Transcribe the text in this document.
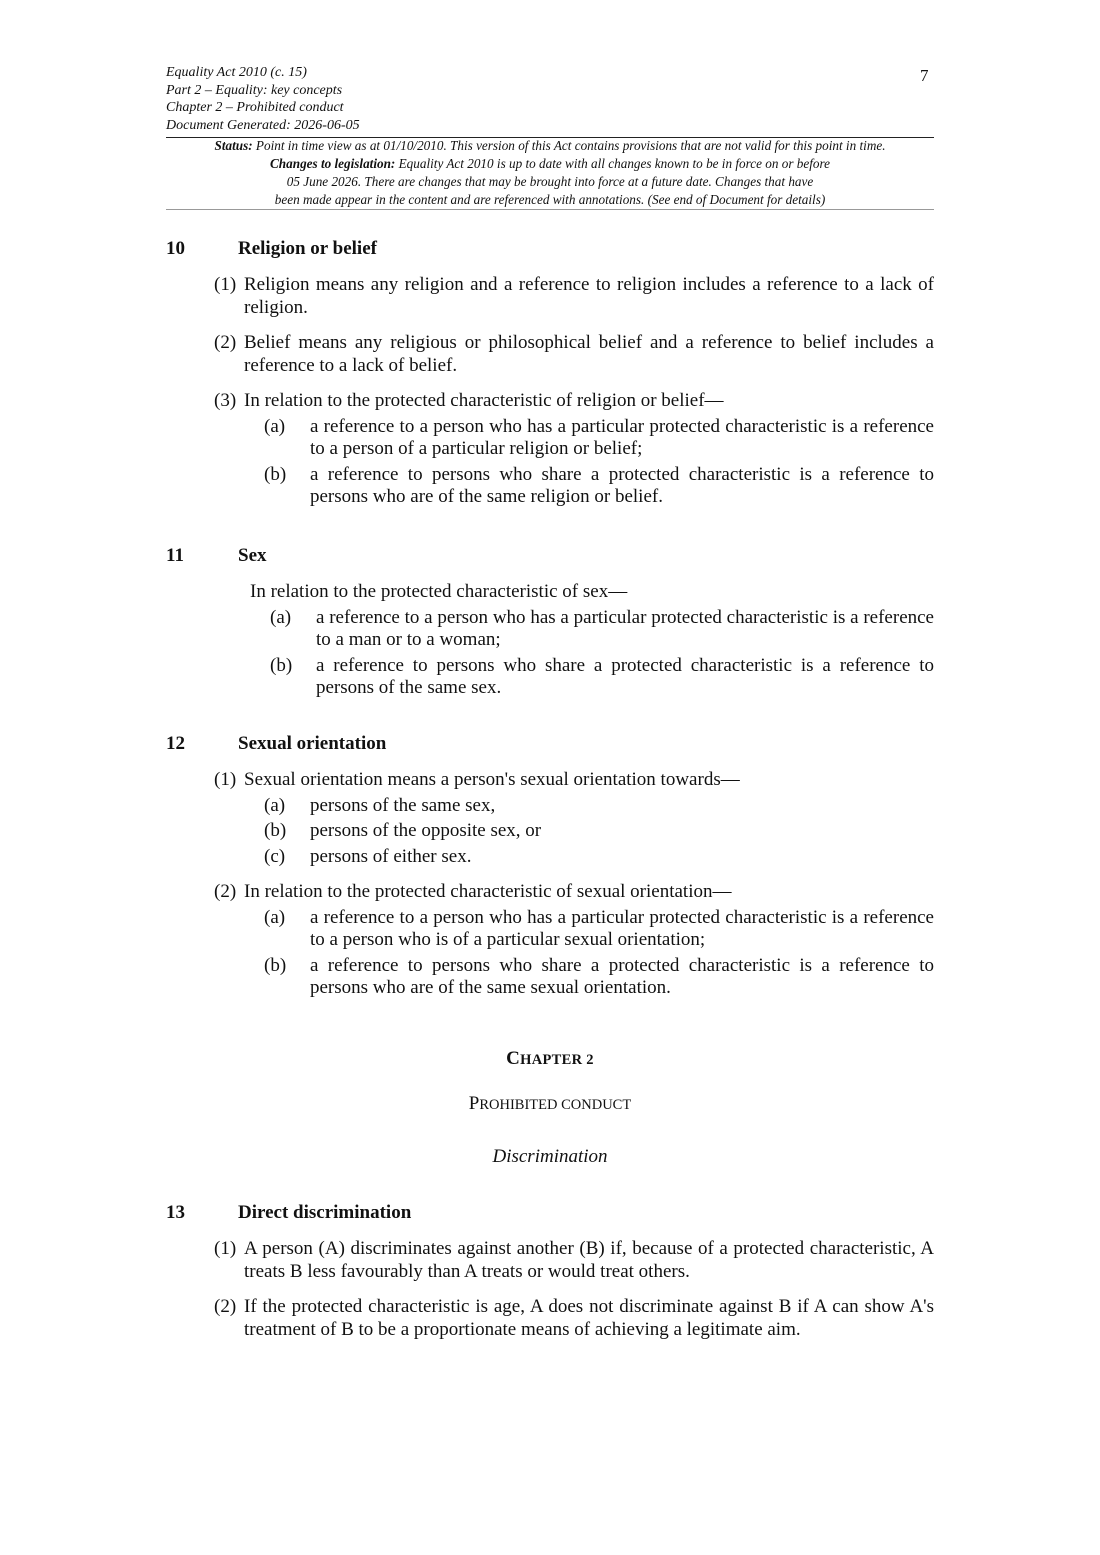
Equality Act 2010 (c. 15)
Part 2 – Equality: key concepts
Chapter 2 – Prohibited conduct
Document Generated: 2026-06-05
7
Status: Point in time view as at 01/10/2010. This version of this Act contains provisions that are not valid for this point in time.
Changes to legislation: Equality Act 2010 is up to date with all changes known to be in force on or before
05 June 2026. There are changes that may be brought into force at a future date. Changes that have
been made appear in the content and are referenced with annotations. (See end of Document for details)
10	Religion or belief
(1) Religion means any religion and a reference to religion includes a reference to a lack of religion.
(2) Belief means any religious or philosophical belief and a reference to belief includes a reference to a lack of belief.
(3) In relation to the protected characteristic of religion or belief—
(a) a reference to a person who has a particular protected characteristic is a reference to a person of a particular religion or belief;
(b) a reference to persons who share a protected characteristic is a reference to persons who are of the same religion or belief.
11	Sex
In relation to the protected characteristic of sex—
(a) a reference to a person who has a particular protected characteristic is a reference to a man or to a woman;
(b) a reference to persons who share a protected characteristic is a reference to persons of the same sex.
12	Sexual orientation
(1) Sexual orientation means a person's sexual orientation towards—
(a) persons of the same sex,
(b) persons of the opposite sex, or
(c) persons of either sex.
(2) In relation to the protected characteristic of sexual orientation—
(a) a reference to a person who has a particular protected characteristic is a reference to a person who is of a particular sexual orientation;
(b) a reference to persons who share a protected characteristic is a reference to persons who are of the same sexual orientation.
CHAPTER 2
PROHIBITED CONDUCT
Discrimination
13	Direct discrimination
(1) A person (A) discriminates against another (B) if, because of a protected characteristic, A treats B less favourably than A treats or would treat others.
(2) If the protected characteristic is age, A does not discriminate against B if A can show A's treatment of B to be a proportionate means of achieving a legitimate aim.
